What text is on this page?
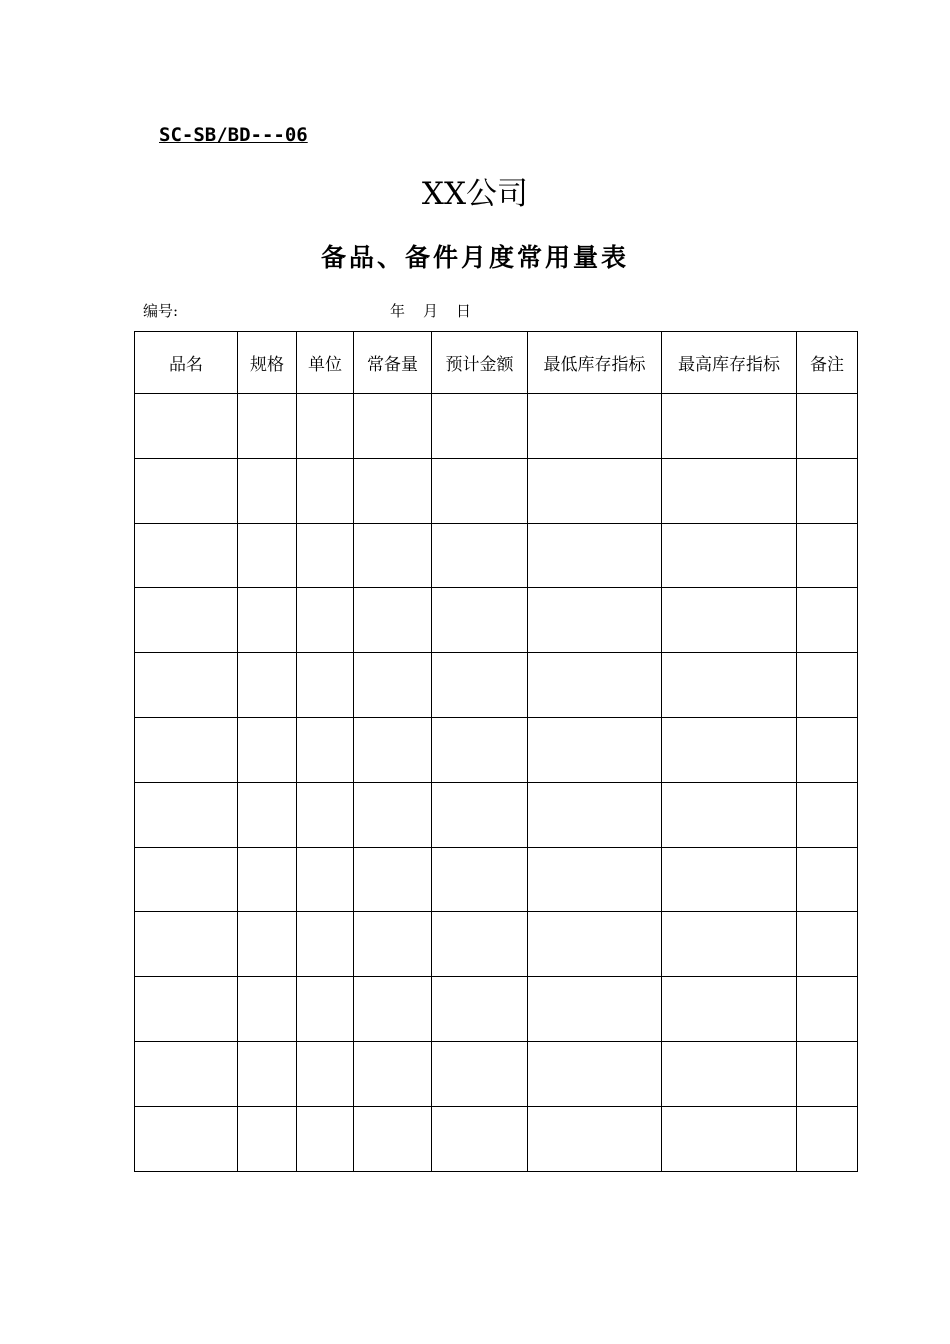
SC-SB/BD---06
XX公司
备品、备件月度常用量表
编号:	年 月 日
品名	规格	单位	常备量	预计金额	最低库存指标	最高库存指标	备注
